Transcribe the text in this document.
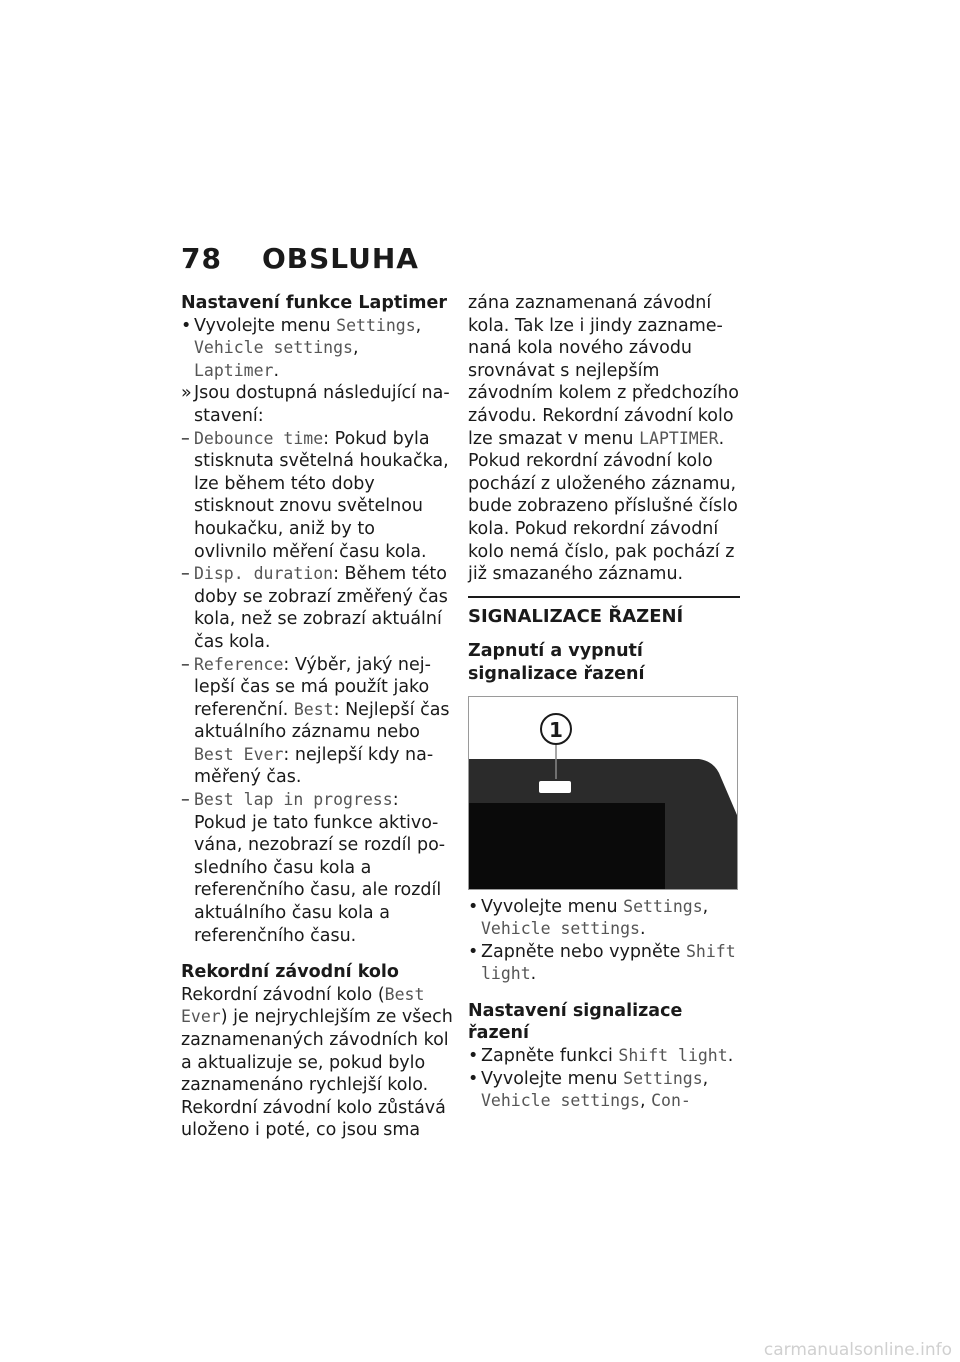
78 OBSLUHA

Nastavení funkce Laptimer

• Vyvolejte menu Settings,
Vehicle settings,
Laptimer.

» Jsou dostupná následující nastavení:

– Debounce time: Pokud byla stisknuta světelná houkačka, lze během této doby stisknout znovu světelnou houkačku, aniž by to ovlivnilo měření času kola.

– Disp. duration: Během této doby se zobrazí změřený čas kola, než se zobrazí aktuální čas kola.

– Reference: Výběr, jaký nejlepší čas se má použít jako referenční. Best: Nejlepší čas aktuálního záznamu nebo Best Ever: nejlepší kdy naměřený čas.

– Best lap in progress: Pokud je tato funkce aktivována, nezobrazí se rozdíl posledního času kola a referenčního času, ale rozdíl aktuálního času kola a referenčního času.

Rekordní závodní kolo

Rekordní závodní kolo (Best Ever) je nejrychlejším ze všech zaznamenaných závodních kol a aktualizuje se, pokud bylo zaznamenáno rychlejší kolo. Rekordní závodní kolo zůstává uloženo i poté, co jsou sma

zána zaznamenaná závodní kola. Tak lze i jindy zaznamenaná kola nového závodu srovnávat s nejlepším závodním kolem z předchozího závodu. Rekordní závodní kolo lze smazat v menu LAPTIMER.

Pokud rekordní závodní kolo pochází z uloženého záznamu, bude zobrazeno příslušné číslo kola. Pokud rekordní závodní kolo nemá číslo, pak pochází z již smazaného záznamu.

SIGNALIZACE ŘAZENÍ

Zapnutí a vypnutí signalizace řazení

1

• Vyvolejte menu Settings,
Vehicle settings.

• Zapněte nebo vypněte Shift light.

Nastavení signalizace řazení

• Zapněte funkci Shift light.

• Vyvolejte menu Settings,
Vehicle settings, Con-

carmanualsonline.info
